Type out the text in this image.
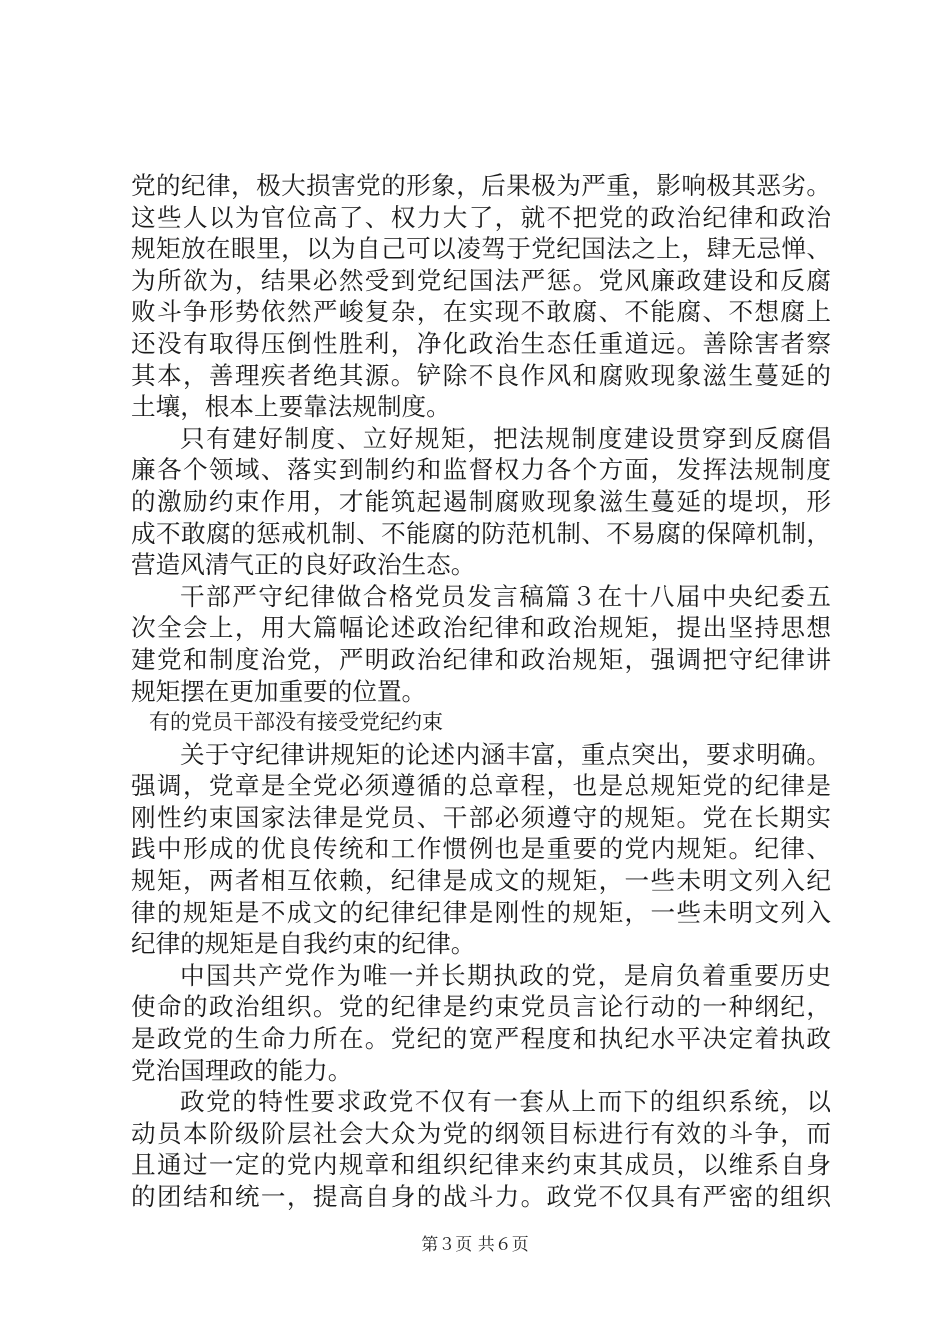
党的纪律，极大损害党的形象，后果极为严重，影响极其恶劣。
这些人以为官位高了、权力大了，就不把党的政治纪律和政治
规矩放在眼里，以为自己可以凌驾于党纪国法之上，肆无忌惮、
为所欲为，结果必然受到党纪国法严惩。党风廉政建设和反腐
败斗争形势依然严峻复杂，在实现不敢腐、不能腐、不想腐上
还没有取得压倒性胜利，净化政治生态任重道远。善除害者察
其本，善理疾者绝其源。铲除不良作风和腐败现象滋生蔓延的
土壤，根本上要靠法规制度。
只有建好制度、立好规矩，把法规制度建设贯穿到反腐倡
廉各个领域、落实到制约和监督权力各个方面，发挥法规制度
的激励约束作用，才能筑起遏制腐败现象滋生蔓延的堤坝，形
成不敢腐的惩戒机制、不能腐的防范机制、不易腐的保障机制，
营造风清气正的良好政治生态。
干部严守纪律做合格党员发言稿篇３在十八届中央纪委五
次全会上，用大篇幅论述政治纪律和政治规矩，提出坚持思想
建党和制度治党，严明政治纪律和政治规矩，强调把守纪律讲
规矩摆在更加重要的位置。
有的党员干部没有接受党纪约束
关于守纪律讲规矩的论述内涵丰富，重点突出，要求明确。
强调，党章是全党必须遵循的总章程，也是总规矩党的纪律是
刚性约束国家法律是党员、干部必须遵守的规矩。党在长期实
践中形成的优良传统和工作惯例也是重要的党内规矩。纪律、
规矩，两者相互依赖，纪律是成文的规矩，一些未明文列入纪
律的规矩是不成文的纪律纪律是刚性的规矩，一些未明文列入
纪律的规矩是自我约束的纪律。
中国共产党作为唯一并长期执政的党，是肩负着重要历史
使命的政治组织。党的纪律是约束党员言论行动的一种纲纪，
是政党的生命力所在。党纪的宽严程度和执纪水平决定着执政
党治国理政的能力。
政党的特性要求政党不仅有一套从上而下的组织系统，以
动员本阶级阶层社会大众为党的纲领目标进行有效的斗争，而
且通过一定的党内规章和组织纪律来约束其成员，以维系自身
的团结和统一，提高自身的战斗力。政党不仅具有严密的组织
第３页 共６页
